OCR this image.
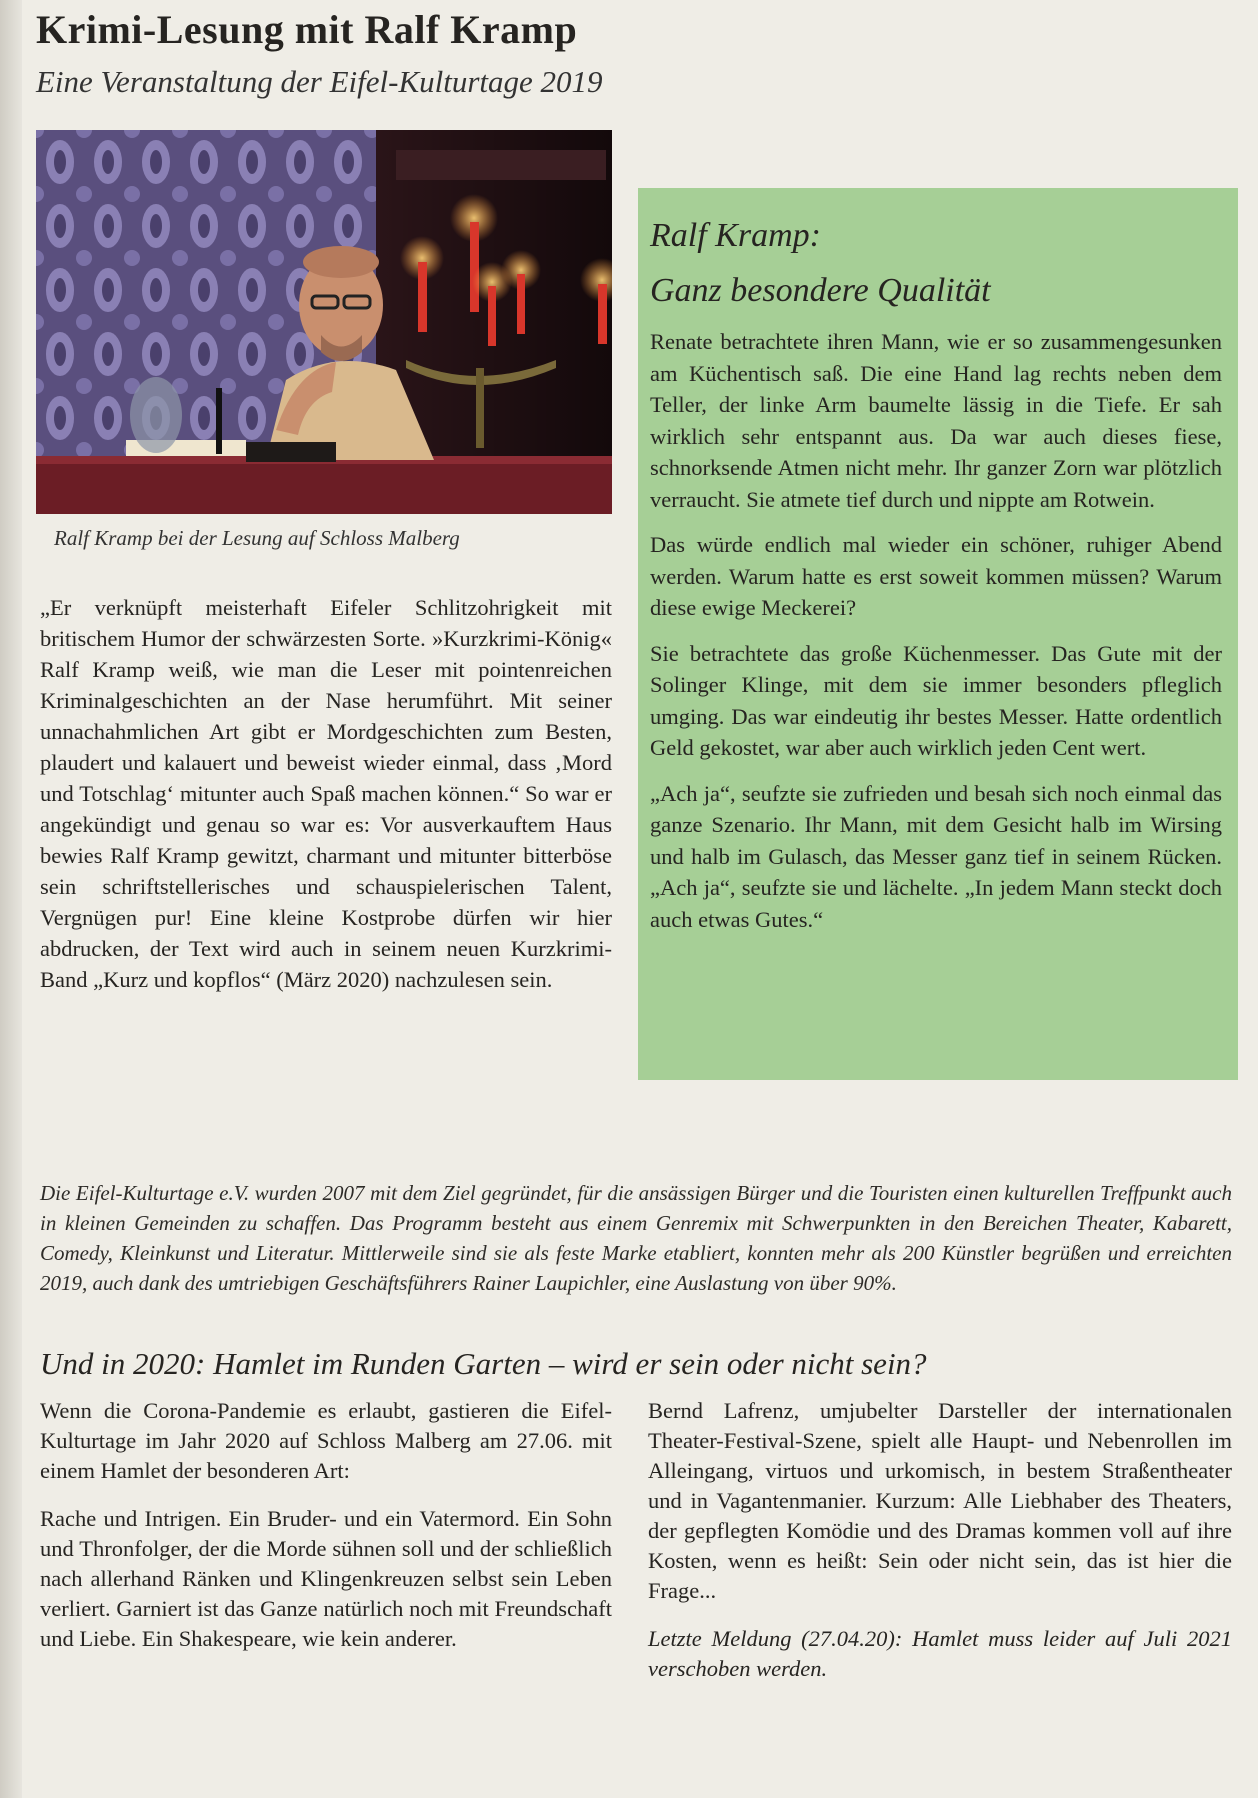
Krimi-Lesung mit Ralf Kramp
Eine Veranstaltung der Eifel-Kulturtage 2019
Ralf Kramp bei der Lesung auf Schloss Malberg

„Er verknüpft meisterhaft Eifeler Schlitzohrigkeit mit britischem Humor der schwärzesten Sorte. »Kurzkrimi-König« Ralf Kramp weiß, wie man die Leser mit pointenreichen Kriminalgeschichten an der Nase herumführt. Mit seiner unnachahmlichen Art gibt er Mordgeschichten zum Besten, plaudert und kalauert und beweist wieder einmal, dass ‚Mord und Totschlag‘ mitunter auch Spaß machen können.“ So war er angekündigt und genau so war es: Vor ausverkauftem Haus bewies Ralf Kramp gewitzt, charmant und mitunter bitterböse sein schriftstellerisches und schauspielerischen Talent, Vergnügen pur! Eine kleine Kostprobe dürfen wir hier abdrucken, der Text wird auch in seinem neuen Kurzkrimi-Band „Kurz und kopflos“ (März 2020) nachzulesen sein.

Ralf Kramp:
Ganz besondere Qualität

Renate betrachtete ihren Mann, wie er so zusammengesunken am Küchentisch saß. Die eine Hand lag rechts neben dem Teller, der linke Arm baumelte lässig in die Tiefe. Er sah wirklich sehr entspannt aus. Da war auch dieses fiese, schnorksende Atmen nicht mehr. Ihr ganzer Zorn war plötzlich verraucht. Sie atmete tief durch und nippte am Rotwein.

Das würde endlich mal wieder ein schöner, ruhiger Abend werden. Warum hatte es erst soweit kommen müssen? Warum diese ewige Meckerei?

Sie betrachtete das große Küchenmesser. Das Gute mit der Solinger Klinge, mit dem sie immer besonders pfleglich umging. Das war eindeutig ihr bestes Messer. Hatte ordentlich Geld gekostet, war aber auch wirklich jeden Cent wert.

„Ach ja“, seufzte sie zufrieden und besah sich noch einmal das ganze Szenario. Ihr Mann, mit dem Gesicht halb im Wirsing und halb im Gulasch, das Messer ganz tief in seinem Rücken. „Ach ja“, seufzte sie und lächelte. „In jedem Mann steckt doch auch etwas Gutes.“

Die Eifel-Kulturtage e.V. wurden 2007 mit dem Ziel gegründet, für die ansässigen Bürger und die Touristen einen kulturellen Treffpunkt auch in kleinen Gemeinden zu schaffen. Das Programm besteht aus einem Genremix mit Schwerpunkten in den Bereichen Theater, Kabarett, Comedy, Kleinkunst und Literatur. Mittlerweile sind sie als feste Marke etabliert, konnten mehr als 200 Künstler begrüßen und erreichten 2019, auch dank des umtriebigen Geschäftsführers Rainer Laupichler, eine Auslastung von über 90%.

Und in 2020: Hamlet im Runden Garten – wird er sein oder nicht sein?

Wenn die Corona-Pandemie es erlaubt, gastieren die Eifel-Kulturtage im Jahr 2020 auf Schloss Malberg am 27.06. mit einem Hamlet der besonderen Art:

Rache und Intrigen. Ein Bruder- und ein Vatermord. Ein Sohn und Thronfolger, der die Morde sühnen soll und der schließlich nach allerhand Ränken und Klingenkreuzen selbst sein Leben verliert. Garniert ist das Ganze natürlich noch mit Freundschaft und Liebe. Ein Shakespeare, wie kein anderer.

Bernd Lafrenz, umjubelter Darsteller der internationalen Theater-Festival-Szene, spielt alle Haupt- und Nebenrollen im Alleingang, virtuos und urkomisch, in bestem Straßentheater und in Vagantenmanier. Kurzum: Alle Liebhaber des Theaters, der gepflegten Komödie und des Dramas kommen voll auf ihre Kosten, wenn es heißt: Sein oder nicht sein, das ist hier die Frage...

Letzte Meldung (27.04.20): Hamlet muss leider auf Juli 2021 verschoben werden.
